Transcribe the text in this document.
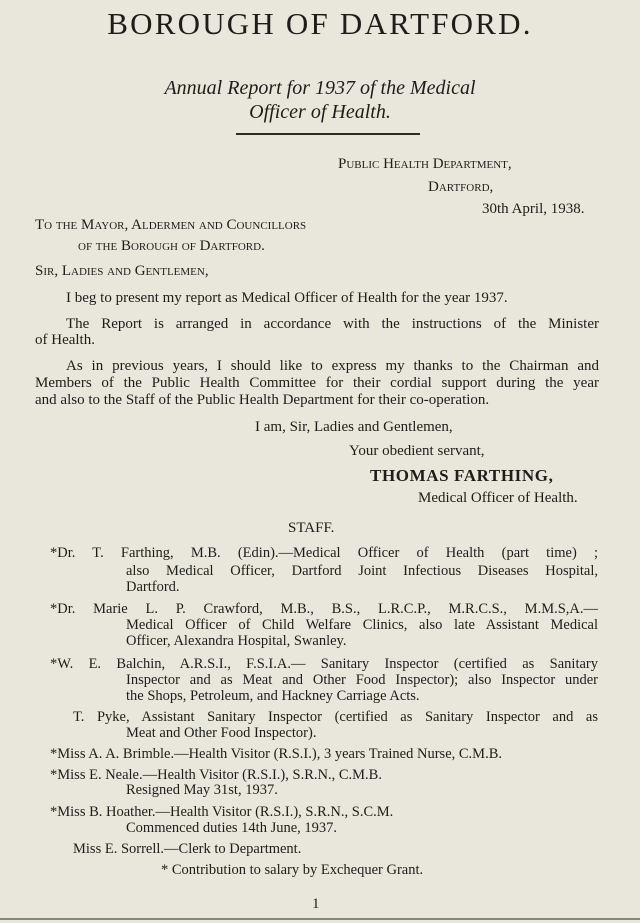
BOROUGH OF DARTFORD.
Annual Report for 1937 of the Medical
Officer of Health.
Public Health Department,
Dartford,
30th April, 1938.
To the Mayor, Aldermen and Councillors
of the Borough of Dartford.
Sir, Ladies and Gentlemen,
I beg to present my report as Medical Officer of Health for the year 1937.
The Report is arranged in accordance with the instructions of the Minister
of Health.
As in previous years, I should like to express my thanks to the Chairman and
Members of the Public Health Committee for their cordial support during the year
and also to the Staff of the Public Health Department for their co-operation.
I am, Sir, Ladies and Gentlemen,
Your obedient servant,
THOMAS FARTHING,
Medical Officer of Health.
STAFF.
*Dr. T. Farthing, M.B. (Edin).—Medical Officer of Health (part time) ;
also Medical Officer, Dartford Joint Infectious Diseases Hospital,
Dartford.
*Dr. Marie L. P. Crawford, M.B., B.S., L.R.C.P., M.R.C.S., M.M.S,A.—
Medical Officer of Child Welfare Clinics, also late Assistant Medical
Officer, Alexandra Hospital, Swanley.
*W. E. Balchin, A.R.S.I., F.S.I.A.— Sanitary Inspector (certified as Sanitary
Inspector and as Meat and Other Food Inspector); also Inspector under
the Shops, Petroleum, and Hackney Carriage Acts.
T. Pyke, Assistant Sanitary Inspector (certified as Sanitary Inspector and as
Meat and Other Food Inspector).
*Miss A. A. Brimble.—Health Visitor (R.S.I.), 3 years Trained Nurse, C.M.B.
*Miss E. Neale.—Health Visitor (R.S.I.), S.R.N., C.M.B.
Resigned May 31st, 1937.
*Miss B. Hoather.—Health Visitor (R.S.I.), S.R.N., S.C.M.
Commenced duties 14th June, 1937.
Miss E. Sorrell.—Clerk to Department.
* Contribution to salary by Exchequer Grant.
1
